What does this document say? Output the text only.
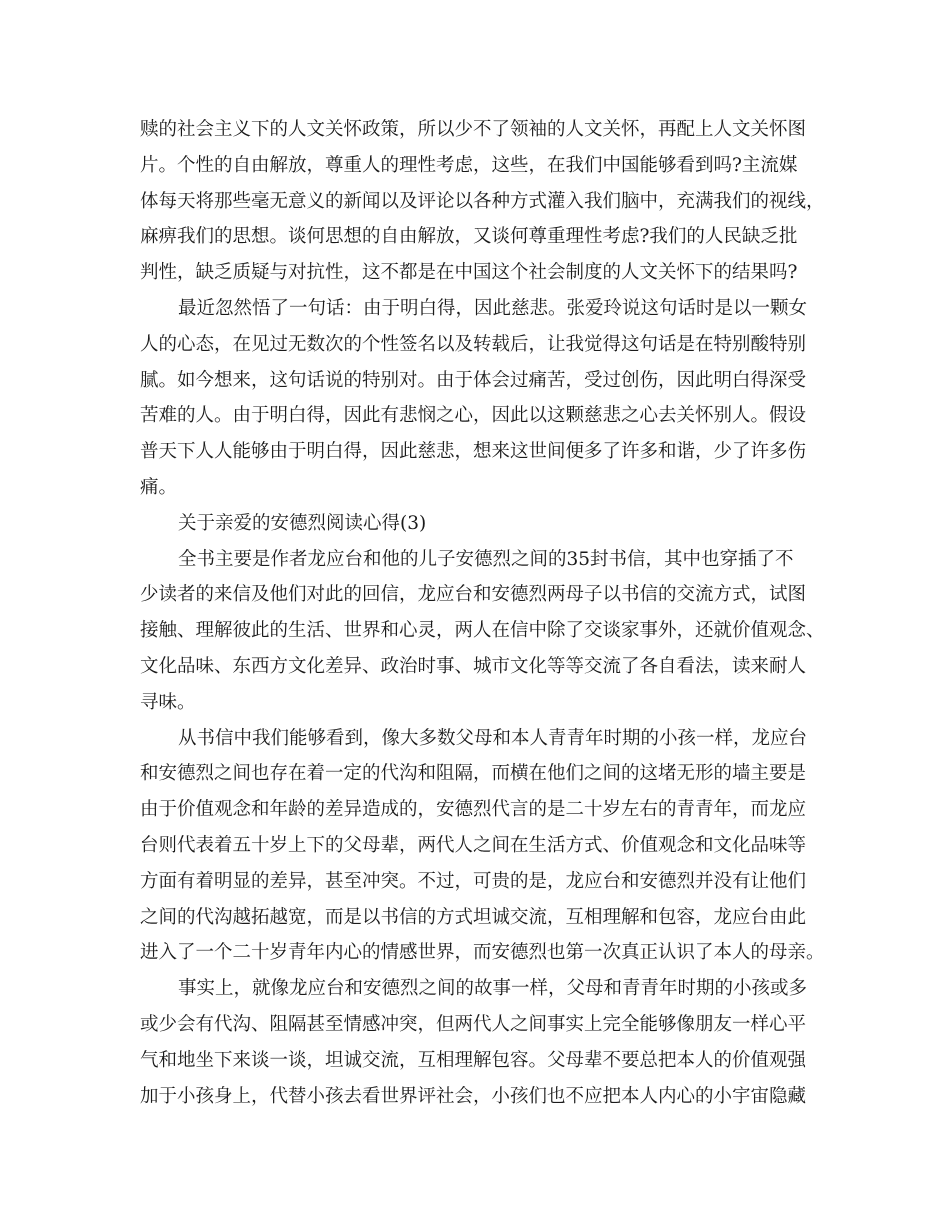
赎的社会主义下的人文关怀政策，所以少不了领袖的人文关怀，再配上人文关怀图
片。个性的自由解放，尊重人的理性考虑，这些，在我们中国能够看到吗?主流媒
体每天将那些毫无意义的新闻以及评论以各种方式灌入我们脑中，充满我们的视线，
麻痹我们的思想。谈何思想的自由解放，又谈何尊重理性考虑?我们的人民缺乏批
判性，缺乏质疑与对抗性，这不都是在中国这个社会制度的人文关怀下的结果吗?
最近忽然悟了一句话：由于明白得，因此慈悲。张爱玲说这句话时是以一颗女
人的心态，在见过无数次的个性签名以及转载后，让我觉得这句话是在特别酸特别
腻。如今想来，这句话说的特别对。由于体会过痛苦，受过创伤，因此明白得深受
苦难的人。由于明白得，因此有悲悯之心，因此以这颗慈悲之心去关怀别人。假设
普天下人人能够由于明白得，因此慈悲，想来这世间便多了许多和谐，少了许多伤
痛。
关于亲爱的安德烈阅读心得(3)
全书主要是作者龙应台和他的儿子安德烈之间的35封书信，其中也穿插了不
少读者的来信及他们对此的回信，龙应台和安德烈两母子以书信的交流方式，试图
接触、理解彼此的生活、世界和心灵，两人在信中除了交谈家事外，还就价值观念、
文化品味、东西方文化差异、政治时事、城市文化等等交流了各自看法，读来耐人
寻味。
从书信中我们能够看到，像大多数父母和本人青青年时期的小孩一样，龙应台
和安德烈之间也存在着一定的代沟和阻隔，而横在他们之间的这堵无形的墙主要是
由于价值观念和年龄的差异造成的，安德烈代言的是二十岁左右的青青年，而龙应
台则代表着五十岁上下的父母辈，两代人之间在生活方式、价值观念和文化品味等
方面有着明显的差异，甚至冲突。不过，可贵的是，龙应台和安德烈并没有让他们
之间的代沟越拓越宽，而是以书信的方式坦诚交流，互相理解和包容，龙应台由此
进入了一个二十岁青年内心的情感世界，而安德烈也第一次真正认识了本人的母亲。
事实上，就像龙应台和安德烈之间的故事一样，父母和青青年时期的小孩或多
或少会有代沟、阻隔甚至情感冲突，但两代人之间事实上完全能够像朋友一样心平
气和地坐下来谈一谈，坦诚交流，互相理解包容。父母辈不要总把本人的价值观强
加于小孩身上，代替小孩去看世界评社会，小孩们也不应把本人内心的小宇宙隐藏
